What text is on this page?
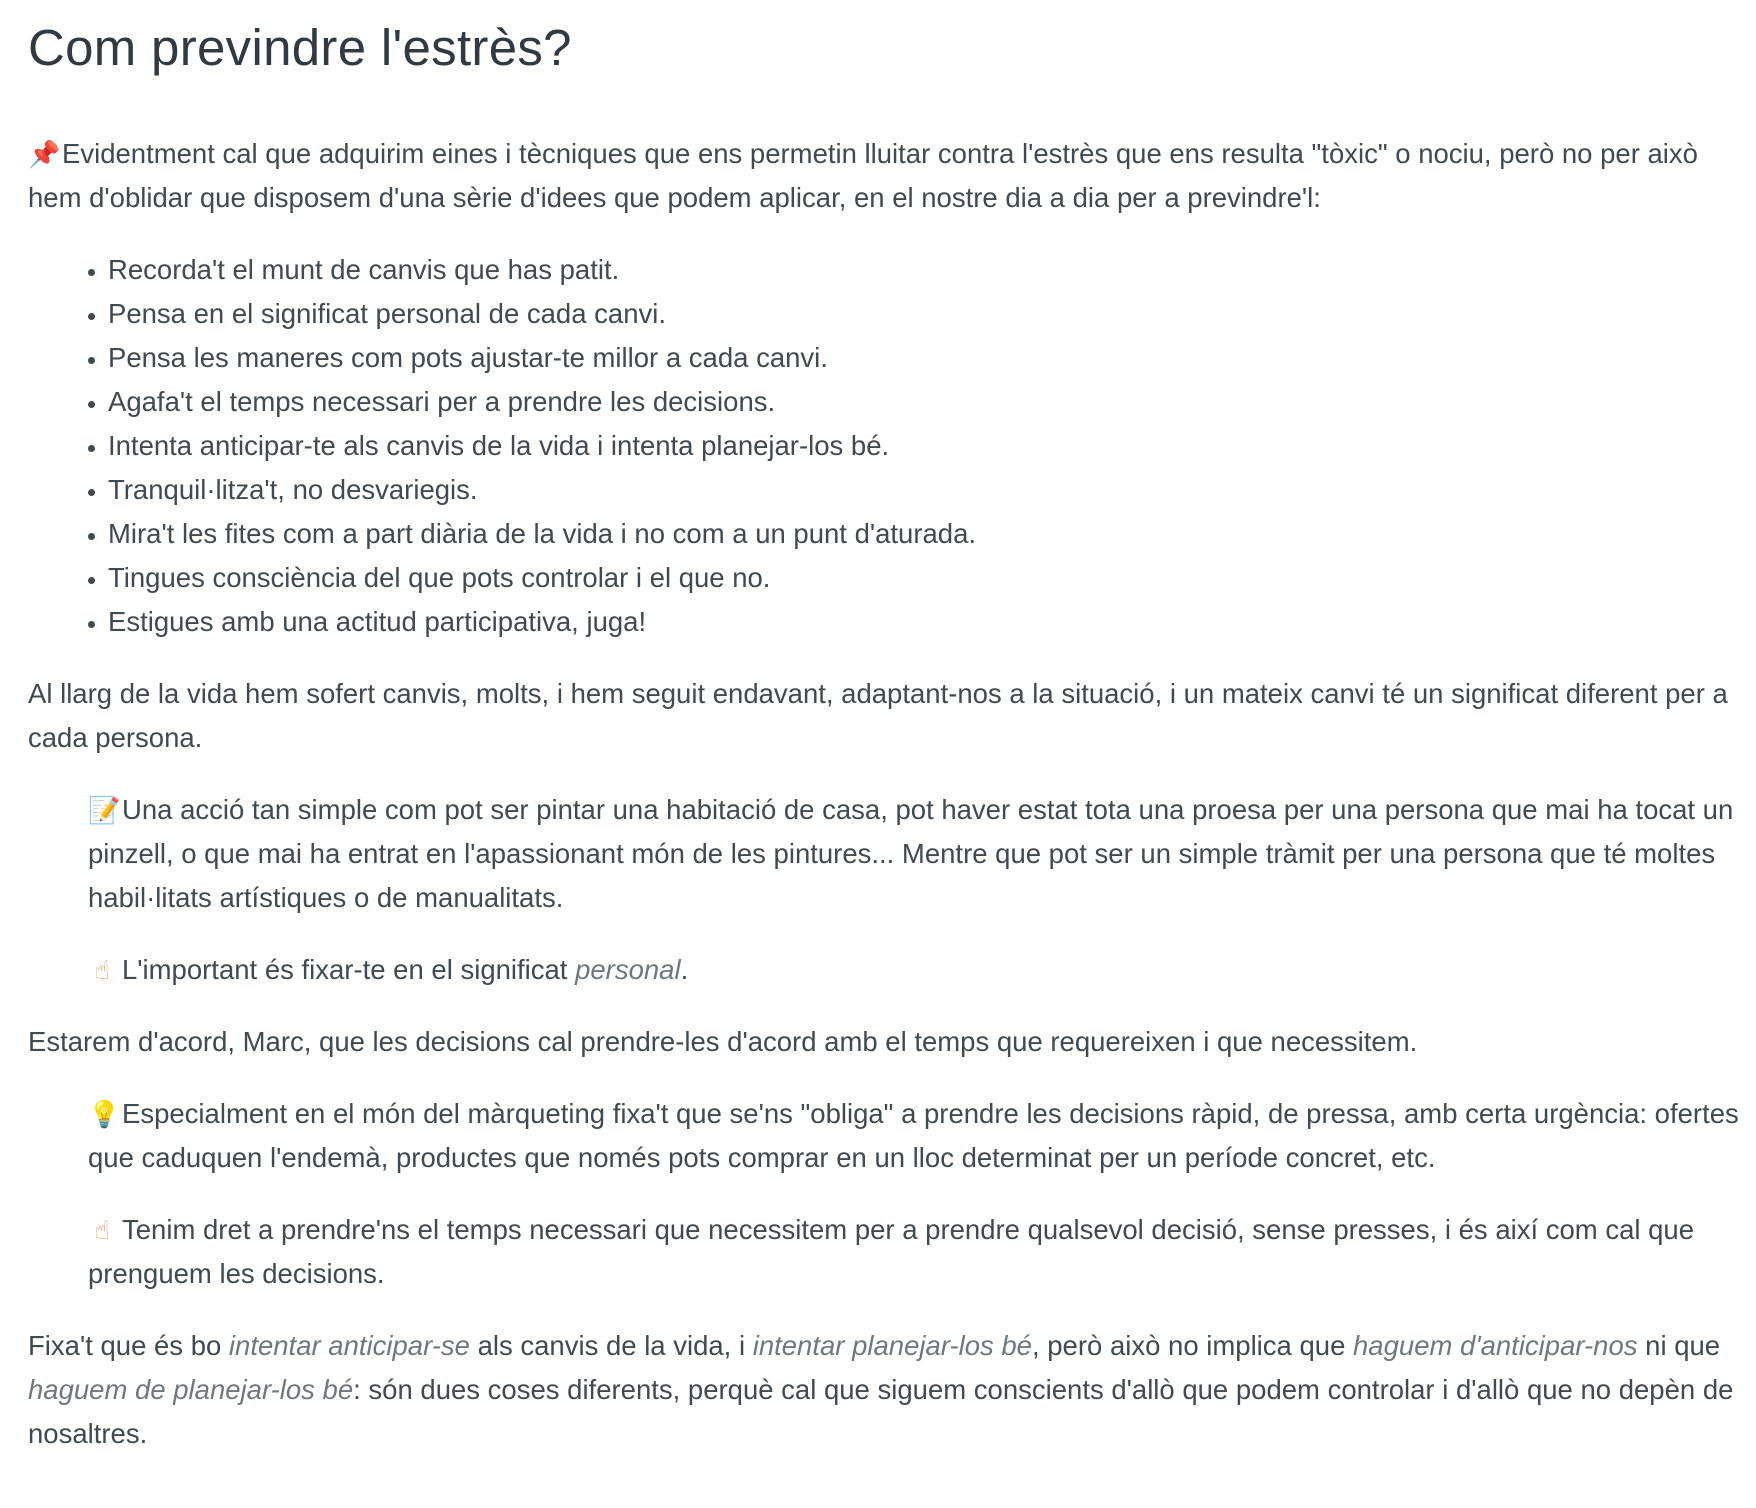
Com previndre l'estrès?

📌Evidentment cal que adquirim eines i tècniques que ens permetin lluitar contra l'estrès que ens resulta "tòxic" o nociu, però no per això hem d'oblidar que disposem d'una sèrie d'idees que podem aplicar, en el nostre dia a dia per a previndre'l:

• Recorda't el munt de canvis que has patit.
• Pensa en el significat personal de cada canvi.
• Pensa les maneres com pots ajustar-te millor a cada canvi.
• Agafa't el temps necessari per a prendre les decisions.
• Intenta anticipar-te als canvis de la vida i intenta planejar-los bé.
• Tranquil·litza't, no desvariegis.
• Mira't les fites com a part diària de la vida i no com a un punt d'aturada.
• Tingues consciència del que pots controlar i el que no.
• Estigues amb una actitud participativa, juga!

Al llarg de la vida hem sofert canvis, molts, i hem seguit endavant, adaptant-nos a la situació, i un mateix canvi té un significat diferent per a cada persona.

📝Una acció tan simple com pot ser pintar una habitació de casa, pot haver estat tota una proesa per una persona que mai ha tocat un pinzell, o que mai ha entrat en l'apassionant món de les pintures... Mentre que pot ser un simple tràmit per una persona que té moltes habil·litats artístiques o de manualitats.

☝ L'important és fixar-te en el significat personal.

Estarem d'acord, Marc, que les decisions cal prendre-les d'acord amb el temps que requereixen i que necessitem.

💡Especialment en el món del màrqueting fixa't que se'ns "obliga" a prendre les decisions ràpid, de pressa, amb certa urgència: ofertes que caduquen l'endemà, productes que només pots comprar en un lloc determinat per un període concret, etc.

☝ Tenim dret a prendre'ns el temps necessari que necessitem per a prendre qualsevol decisió, sense presses, i és així com cal que prenguem les decisions.

Fixa't que és bo intentar anticipar-se als canvis de la vida, i intentar planejar-los bé, però això no implica que haguem d'anticipar-nos ni que haguem de planejar-los bé: són dues coses diferents, perquè cal que siguem conscients d'allò que podem controlar i d'allò que no depèn de nosaltres.
